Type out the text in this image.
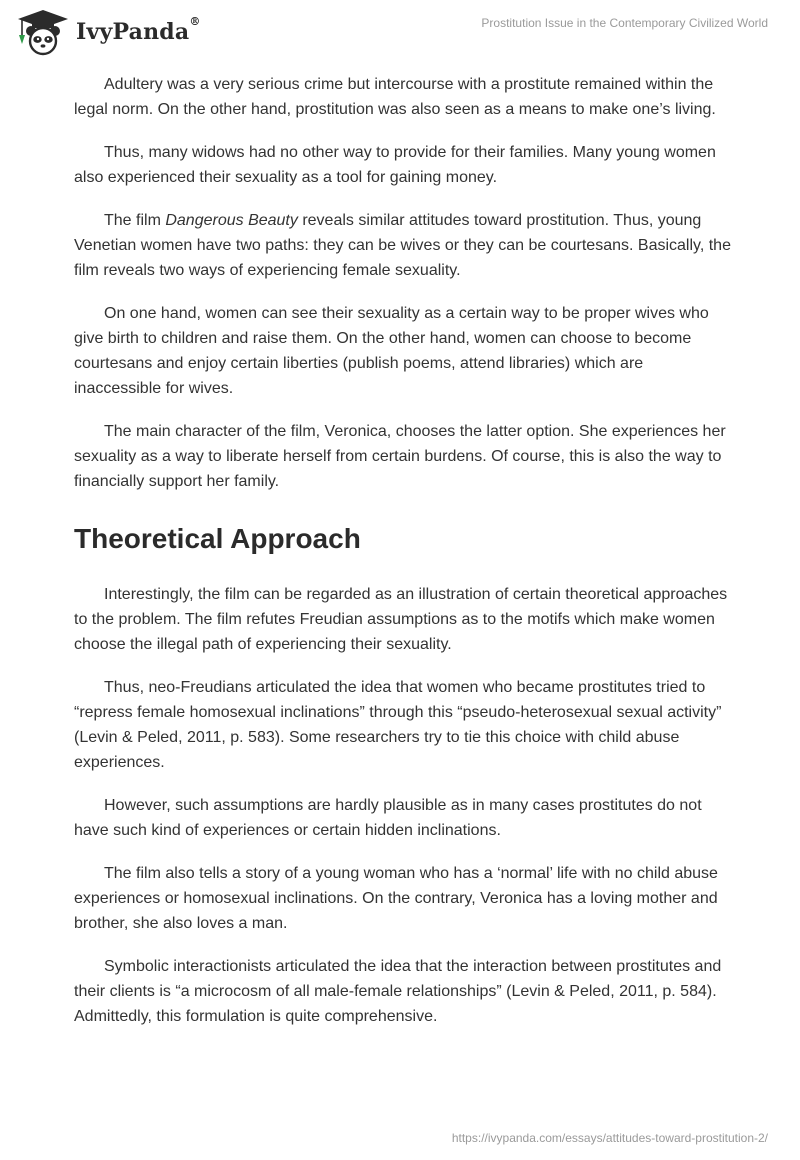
IvyPanda®	Prostitution Issue in the Contemporary Civilized World

Adultery was a very serious crime but intercourse with a prostitute remained within the legal norm. On the other hand, prostitution was also seen as a means to make one’s living.

Thus, many widows had no other way to provide for their families. Many young women also experienced their sexuality as a tool for gaining money.

The film Dangerous Beauty reveals similar attitudes toward prostitution. Thus, young Venetian women have two paths: they can be wives or they can be courtesans. Basically, the film reveals two ways of experiencing female sexuality.

On one hand, women can see their sexuality as a certain way to be proper wives who give birth to children and raise them. On the other hand, women can choose to become courtesans and enjoy certain liberties (publish poems, attend libraries) which are inaccessible for wives.

The main character of the film, Veronica, chooses the latter option. She experiences her sexuality as a way to liberate herself from certain burdens. Of course, this is also the way to financially support her family.

Theoretical Approach

Interestingly, the film can be regarded as an illustration of certain theoretical approaches to the problem. The film refutes Freudian assumptions as to the motifs which make women choose the illegal path of experiencing their sexuality.

Thus, neo-Freudians articulated the idea that women who became prostitutes tried to “repress female homosexual inclinations” through this “pseudo-heterosexual sexual activity” (Levin & Peled, 2011, p. 583). Some researchers try to tie this choice with child abuse experiences.

However, such assumptions are hardly plausible as in many cases prostitutes do not have such kind of experiences or certain hidden inclinations.

The film also tells a story of a young woman who has a ‘normal’ life with no child abuse experiences or homosexual inclinations. On the contrary, Veronica has a loving mother and brother, she also loves a man.

Symbolic interactionists articulated the idea that the interaction between prostitutes and their clients is “a microcosm of all male-female relationships” (Levin & Peled, 2011, p. 584). Admittedly, this formulation is quite comprehensive.

https://ivypanda.com/essays/attitudes-toward-prostitution-2/
